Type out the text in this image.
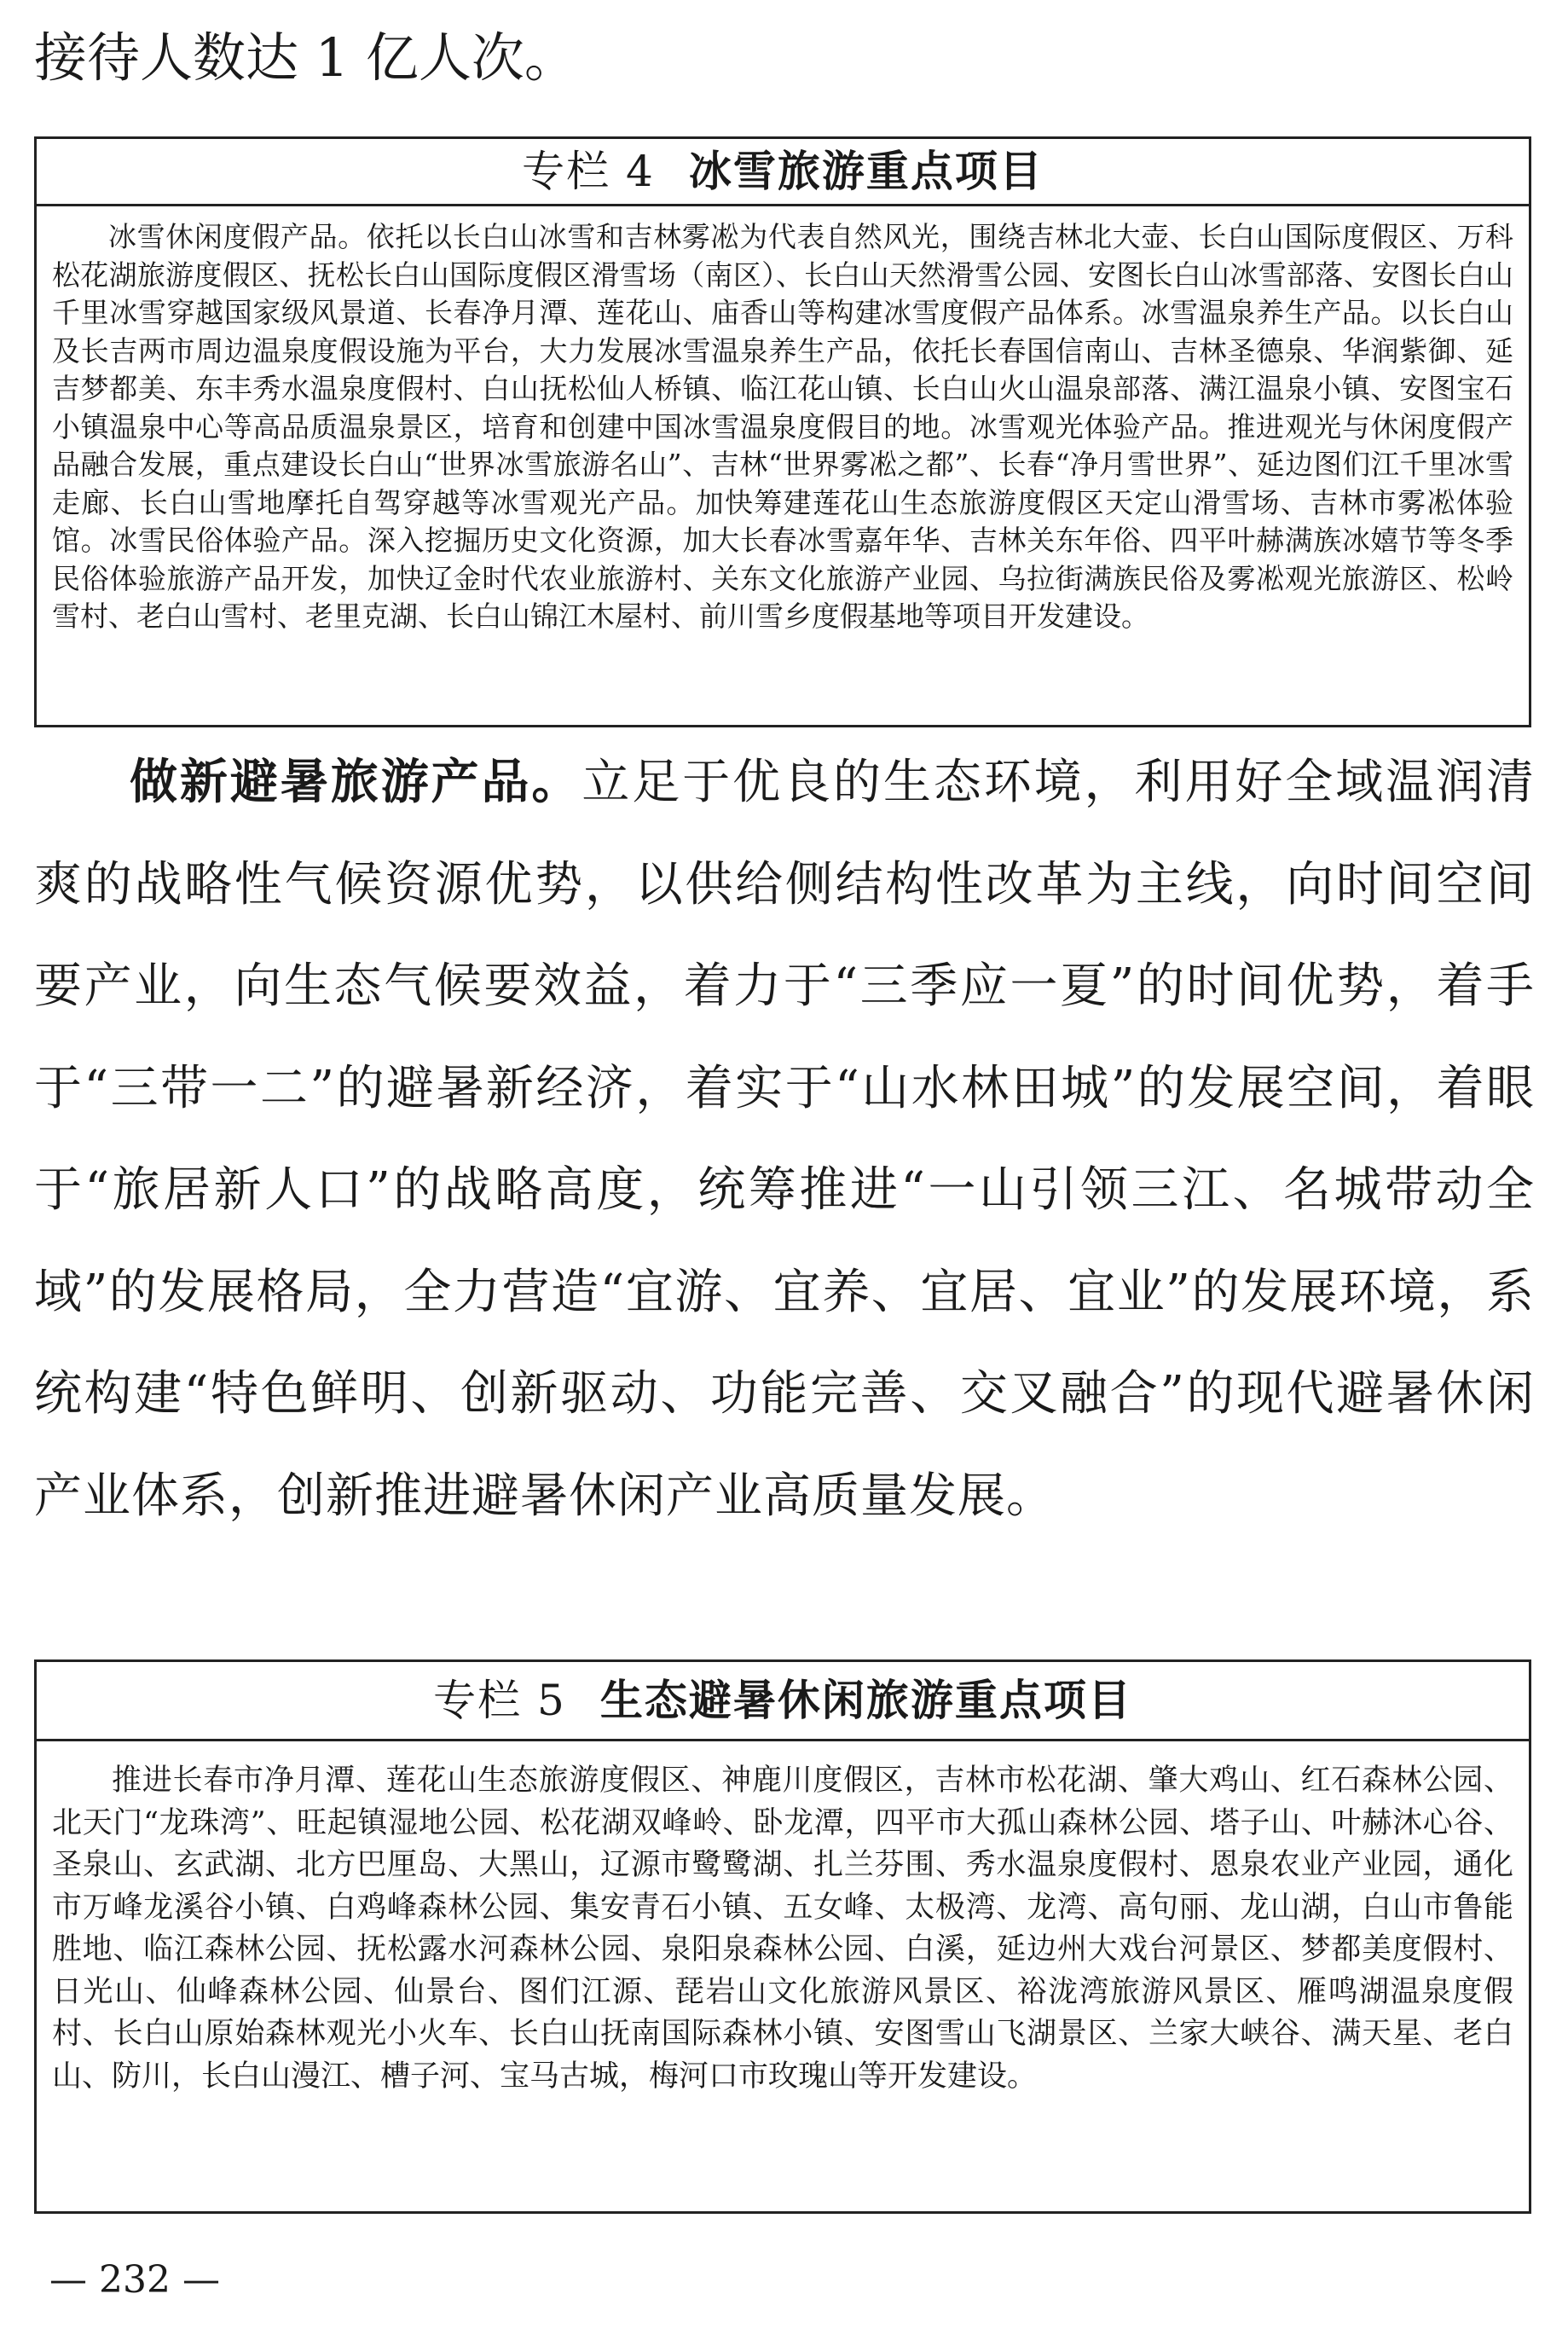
接待人数达 1 亿人次。

专栏 4 冰雪旅游重点项目

冰雪休闲度假产品。依托以长白山冰雪和吉林雾凇为代表自然风光，围绕吉林北大壶、长白山国际度假区、万科松花湖旅游度假区、抚松长白山国际度假区滑雪场（南区）、长白山天然滑雪公园、安图长白山冰雪部落、安图长白山千里冰雪穿越国家级风景道、长春净月潭、莲花山、庙香山等构建冰雪度假产品体系。冰雪温泉养生产品。以长白山及长吉两市周边温泉度假设施为平台，大力发展冰雪温泉养生产品，依托长春国信南山、吉林圣德泉、华润紫御、延吉梦都美、东丰秀水温泉度假村、白山抚松仙人桥镇、临江花山镇、长白山火山温泉部落、满江温泉小镇、安图宝石小镇温泉中心等高品质温泉景区，培育和创建中国冰雪温泉度假目的地。冰雪观光体验产品。推进观光与休闲度假产品融合发展，重点建设长白山“世界冰雪旅游名山”、吉林“世界雾凇之都”、长春“净月雪世界”、延边图们江千里冰雪走廊、长白山雪地摩托自驾穿越等冰雪观光产品。加快筹建莲花山生态旅游度假区天定山滑雪场、吉林市雾凇体验馆。冰雪民俗体验产品。深入挖掘历史文化资源，加大长春冰雪嘉年华、吉林关东年俗、四平叶赫满族冰嬉节等冬季民俗体验旅游产品开发，加快辽金时代农业旅游村、关东文化旅游产业园、乌拉街满族民俗及雾凇观光旅游区、松岭雪村、老白山雪村、老里克湖、长白山锦江木屋村、前川雪乡度假基地等项目开发建设。

做新避暑旅游产品。立足于优良的生态环境，利用好全域温润清爽的战略性气候资源优势，以供给侧结构性改革为主线，向时间空间要产业，向生态气候要效益，着力于“三季应一夏”的时间优势，着手于“三带一二”的避暑新经济，着实于“山水林田城”的发展空间，着眼于“旅居新人口”的战略高度，统筹推进“一山引领三江、名城带动全域”的发展格局，全力营造“宜游、宜养、宜居、宜业”的发展环境，系统构建“特色鲜明、创新驱动、功能完善、交叉融合”的现代避暑休闲产业体系，创新推进避暑休闲产业高质量发展。

专栏 5 生态避暑休闲旅游重点项目

推进长春市净月潭、莲花山生态旅游度假区、神鹿川度假区，吉林市松花湖、肇大鸡山、红石森林公园、北天门“龙珠湾”、旺起镇湿地公园、松花湖双峰岭、卧龙潭，四平市大孤山森林公园、塔子山、叶赫沐心谷、圣泉山、玄武湖、北方巴厘岛、大黑山，辽源市鹭鹭湖、扎兰芬围、秀水温泉度假村、恩泉农业产业园，通化市万峰龙溪谷小镇、白鸡峰森林公园、集安青石小镇、五女峰、太极湾、龙湾、高句丽、龙山湖，白山市鲁能胜地、临江森林公园、抚松露水河森林公园、泉阳泉森林公园、白溪，延边州大戏台河景区、梦都美度假村、日光山、仙峰森林公园、仙景台、图们江源、琵岩山文化旅游风景区、裕泷湾旅游风景区、雁鸣湖温泉度假村、长白山原始森林观光小火车、长白山抚南国际森林小镇、安图雪山飞湖景区、兰家大峡谷、满天星、老白山、防川，长白山漫江、槽子河、宝马古城，梅河口市玫瑰山等开发建设。

— 232 —
